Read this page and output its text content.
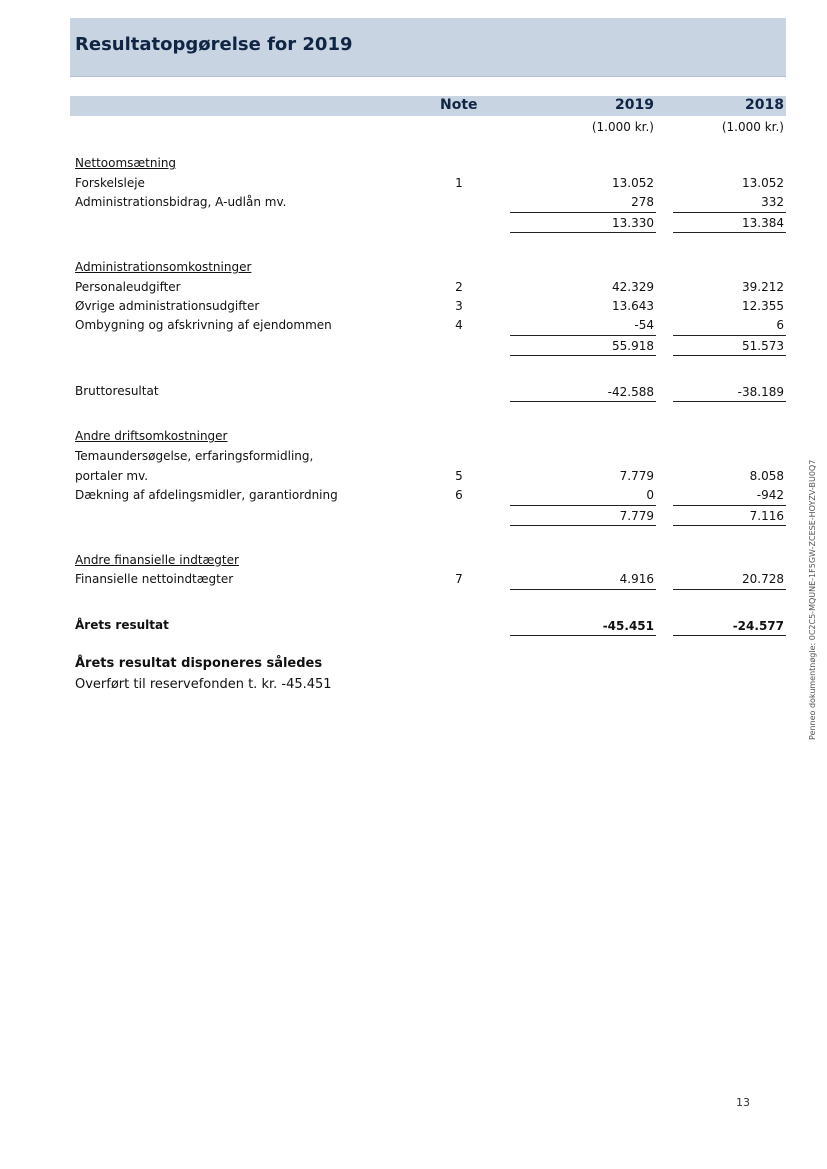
Resultatopgørelse for 2019
Note	2019	2018
(1.000 kr.)	(1.000 kr.)
Nettoomsætning
Forskelsleje	1	13.052	13.052
Administrationsbidrag, A-udlån mv.	278	332
13.330	13.384
Administrationsomkostninger
Personaleudgifter	2	42.329	39.212
Øvrige administrationsudgifter	3	13.643	12.355
Ombygning og afskrivning af ejendommen	4	-54	6
55.918	51.573
Bruttoresultat	-42.588	-38.189
Andre driftsomkostninger
Temaundersøgelse, erfaringsformidling,
portaler mv.	5	7.779	8.058
Dækning af afdelingsmidler, garantiordning	6	0	-942
7.779	7.116
Andre finansielle indtægter
Finansielle nettoindtægter	7	4.916	20.728
Årets resultat	-45.451	-24.577
Årets resultat disponeres således
Overført til reservefonden t. kr. -45.451
13
Penneo dokumentnøgle: 0C2C5-MQUNE-1F5GW-ZCESE-HOYZV-BU0Q7
